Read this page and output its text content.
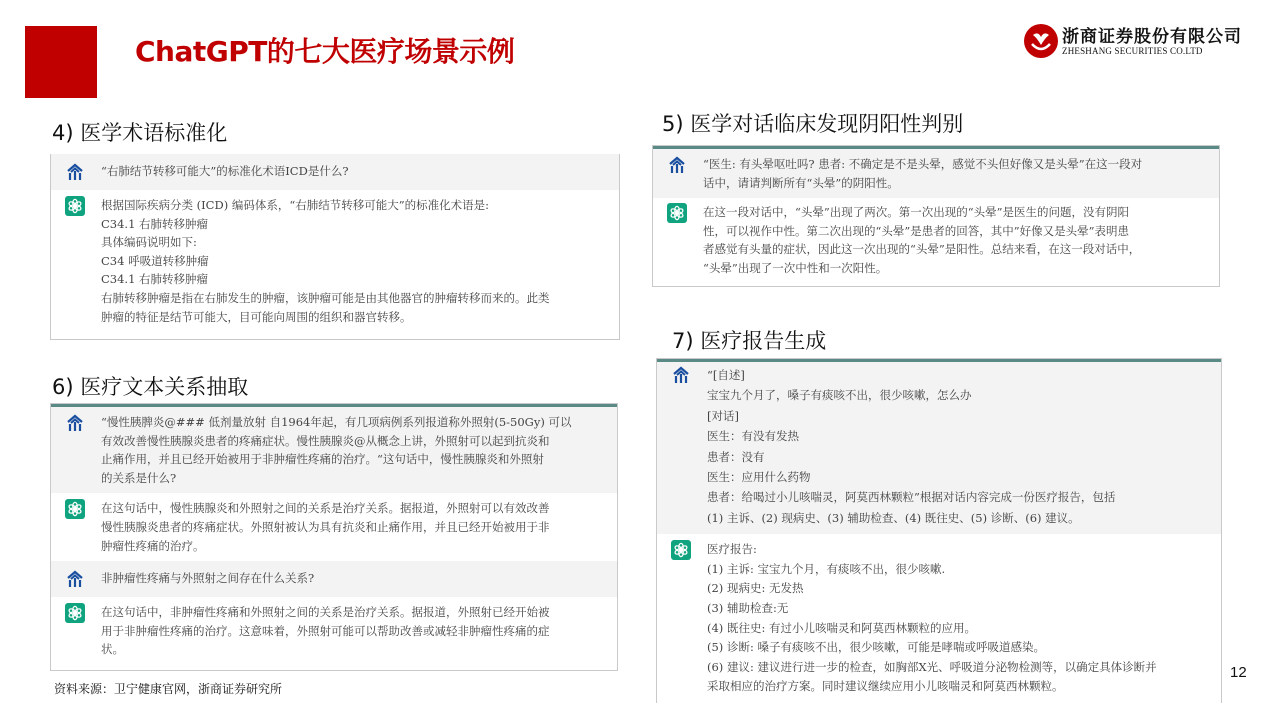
ChatGPT的七大医疗场景示例	浙商证券股份有限公司
ZHESHANG SECURITIES CO.LTD
4) 医学术语标准化	5) 医学对话临床发现阴阳性判别
6) 医疗文本关系抽取
7) 医疗报告生成
“右肺结节转移可能大”的标准化术语ICD是什么?
根据国际疾病分类 (ICD) 编码体系，“右肺结节转移可能大”的标准化术语是:
C34.1 右肺转移肿瘤
具体编码说明如下:
C34 呼吸道转移肿瘤
C34.1 右肺转移肿瘤
右肺转移肿瘤是指在右肺发生的肿瘤，该肿瘤可能是由其他器官的肿瘤转移而来的。此类
肿瘤的特征是结节可能大，目可能向周围的组织和器官转移。
“医生: 有头晕呕吐吗? 患者: 不确定是不是头晕，感觉不头但好像又是头晕”在这一段对
话中，请请判断所有“头晕”的阴阳性。
在这一段对话中，“头晕”出现了两次。第一次出现的“头晕”是医生的问题，没有阴阳
性，可以视作中性。第二次出现的“头晕”是患者的回答，其中”好像又是头晕”表明患
者感觉有头量的症状，因此这一次出现的“头晕”是阳性。总结来看，在这一段对话中，
“头晕”出现了一次中性和一次阳性。
“慢性胰脾炎@### 低剂量放射 自1964年起，有几项病例系列报道称外照射(5-50Gy) 可以
有效改善慢性胰腺炎患者的疼痛症状。慢性胰腺炎@从概念上讲，外照射可以起到抗炎和
止痛作用，并且已经开始被用于非肿瘤性疼痛的治疗。“这句话中，慢性胰腺炎和外照射
的关系是什么?
在这句话中，慢性胰腺炎和外照射之间的关系是治疗关系。据报道，外照射可以有效改善
慢性胰腺炎患者的疼痛症状。外照射被认为具有抗炎和止痛作用，并且已经开始被用于非
肿瘤性疼痛的治疗。
非肿瘤性疼痛与外照射之间存在什么关系?
在这句话中，非肿瘤性疼痛和外照射之间的关系是治疗关系。据报道，外照射已经开始被
用于非肿瘤性疼痛的治疗。这意味着，外照射可能可以帮助改善或减轻非肿瘤性疼痛的症
状。
“[自述]
宝宝九个月了，嗓子有痰咳不出，很少咳嗽，怎么办
[对话]
医生：有没有发热
患者：没有
医生：应用什么药物
患者：给喝过小儿咳喘灵，阿莫西林颗粒”根据对话内容完成一份医疗报告，包括
(1) 主诉、(2) 现病史、(3) 辅助检查、(4) 既往史、(5) 诊断、(6) 建议。
医疗报告:
(1) 主诉: 宝宝九个月，有痰咳不出，很少咳嗽.
(2) 现病史: 无发热
(3) 辅助检查:无
(4) 既往史: 有过小儿咳喘灵和阿莫西林颗粒的应用。
(5) 诊断: 嗓子有痰咳不出，很少咳嗽，可能是哮喘或呼吸道感染。
(6) 建议: 建议进行进一步的检查，如胸部X光、呼吸道分泌物检测等，以确定具体诊断并
采取相应的治疗方案。同时建议继续应用小儿咳喘灵和阿莫西林颗粒。
资料来源：卫宁健康官网，浙商证券研究所
12
